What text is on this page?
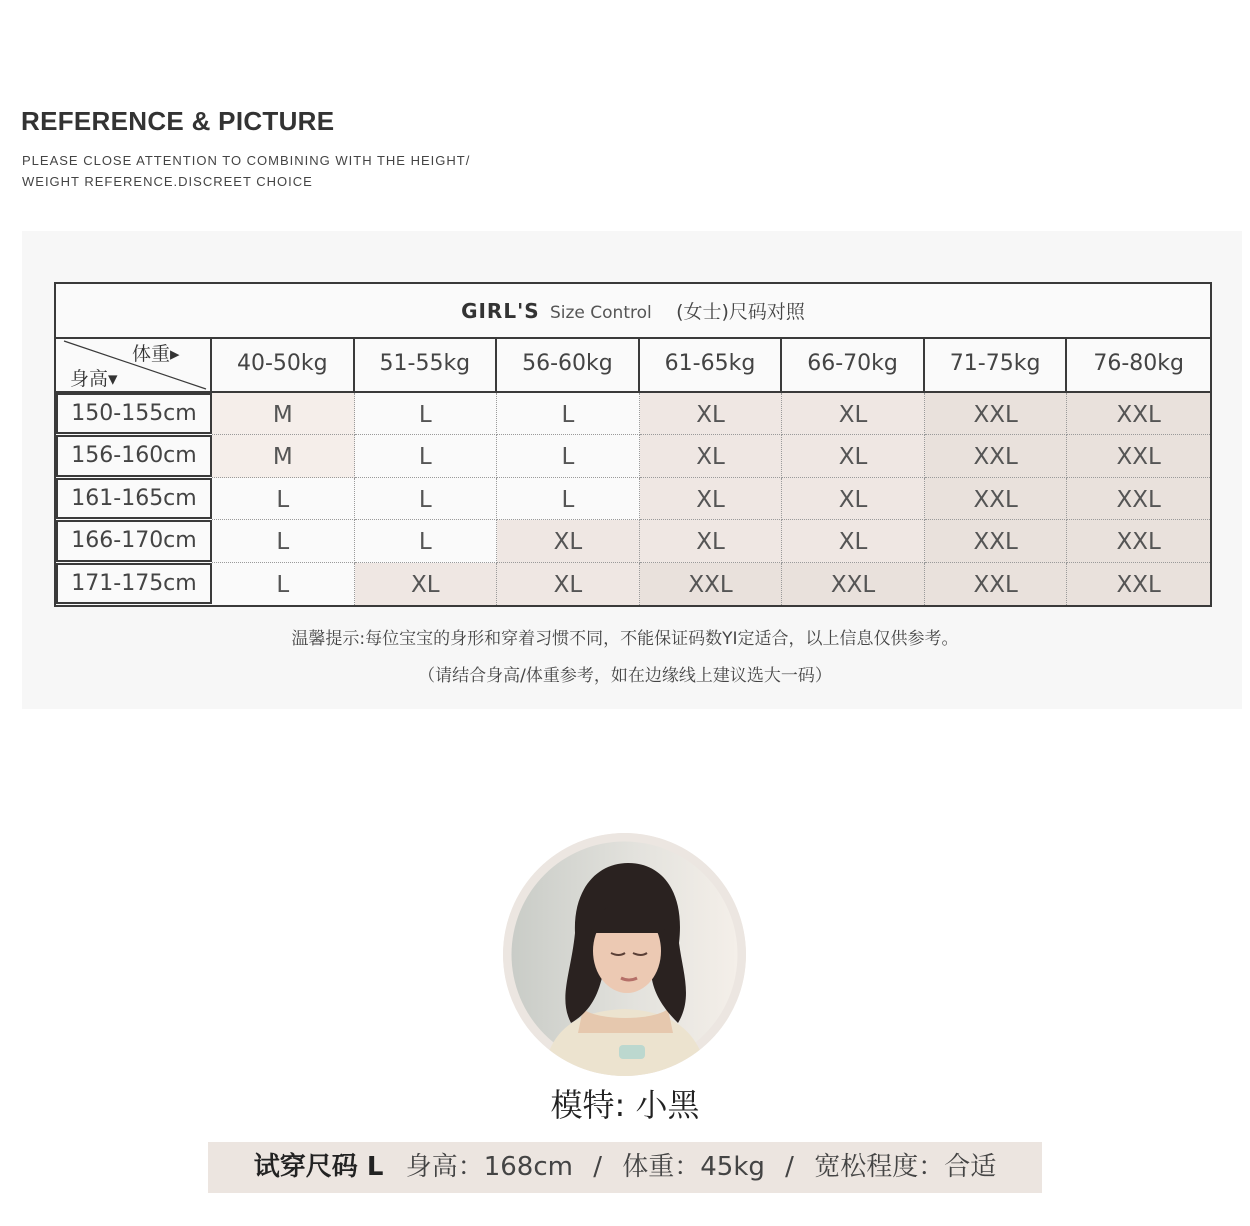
REFERENCE & PICTURE
PLEASE CLOSE ATTENTION TO COMBINING WITH THE HEIGHT/
WEIGHT REFERENCE.DISCREET CHOICE
GIRL'S Size Control (女士)尺码对照
体重▸
身高▾
40-50kg	51-55kg	56-60kg	61-65kg	66-70kg	71-75kg	76-80kg
150-155cm	M	L	L	XL	XL	XXL	XXL
156-160cm	M	L	L	XL	XL	XXL	XXL
161-165cm	L	L	L	XL	XL	XXL	XXL
166-170cm	L	L	XL	XL	XL	XXL	XXL
171-175cm	L	XL	XL	XXL	XXL	XXL	XXL
温馨提示:每位宝宝的身形和穿着习惯不同，不能保证码数YI定适合，以上信息仅供参考。
（请结合身高/体重参考，如在边缘线上建议选大一码）
模特: 小黑
试穿尺码 L 身高：168cm / 体重：45kg / 宽松程度：合适
